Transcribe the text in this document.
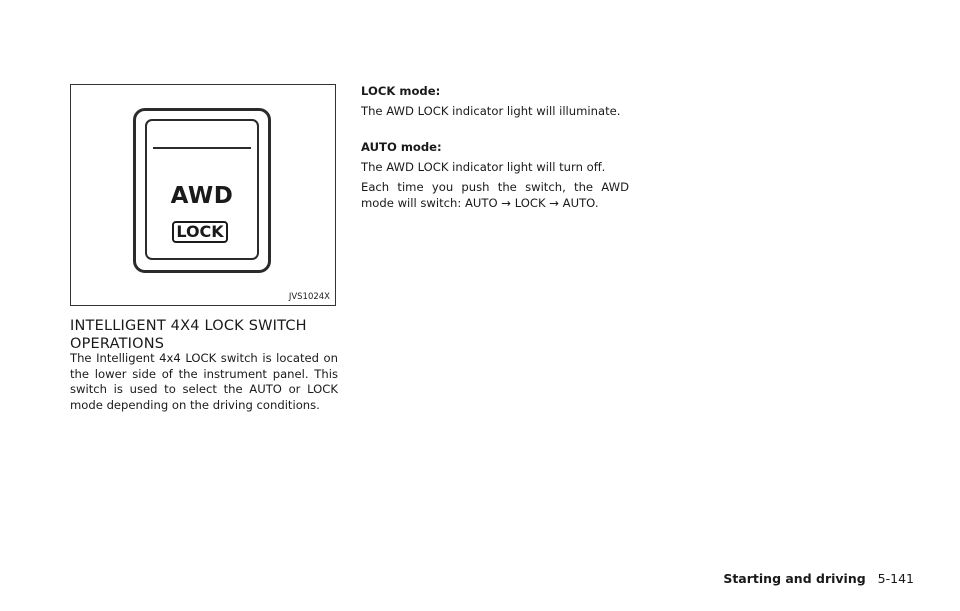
AWD
LOCK
JVS1024X
INTELLIGENT 4X4 LOCK SWITCH OPERATIONS

The Intelligent 4x4 LOCK switch is located on the lower side of the instrument panel. This switch is used to select the AUTO or LOCK mode depending on the driving conditions.

LOCK mode:

The AWD LOCK indicator light will illuminate.

AUTO mode:

The AWD LOCK indicator light will turn off.

Each time you push the switch, the AWD mode will switch: AUTO → LOCK → AUTO.

Starting and driving 5-141
